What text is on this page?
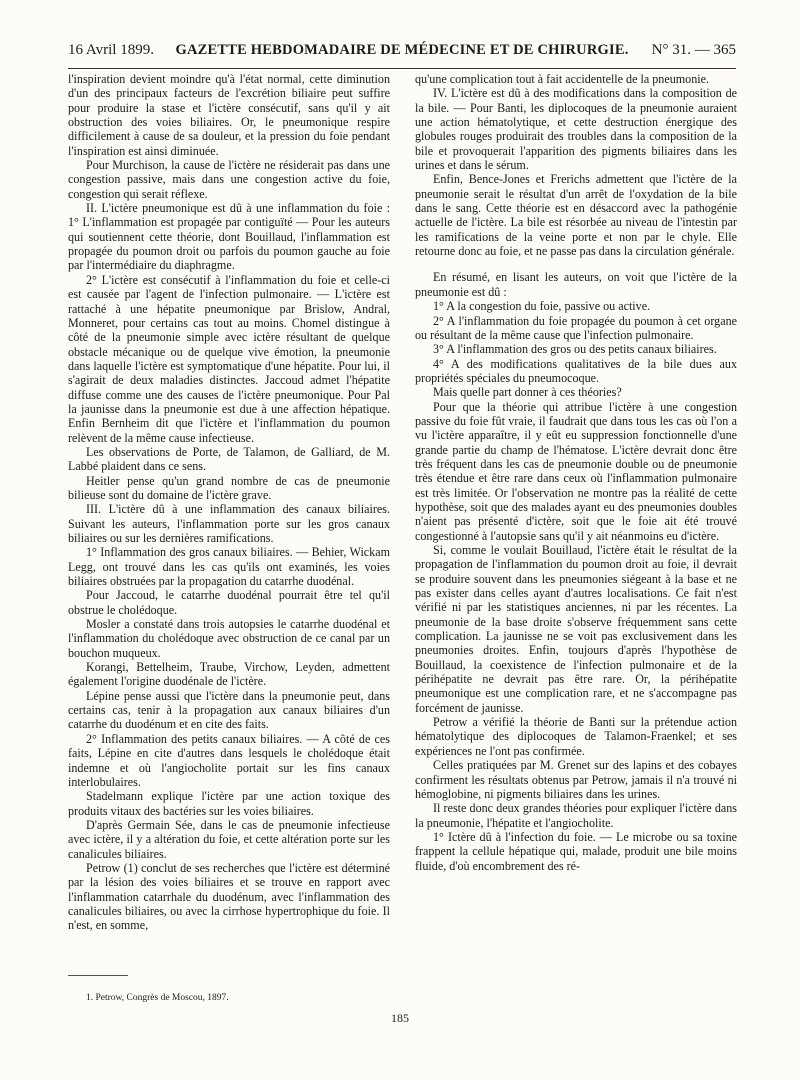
16 Avril 1899.	GAZETTE HEBDOMADAIRE DE MÉDECINE ET DE CHIRURGIE.	N° 31. — 365

l'inspiration devient moindre qu'à l'état normal, cette diminution d'un des principaux facteurs de l'excrétion biliaire peut suffire pour produire la stase et l'ictère consécutif, sans qu'il y ait obstruction des voies biliaires. Or, le pneumonique respire difficilement à cause de sa douleur, et la pression du foie pendant l'inspiration est ainsi diminuée.

Pour Murchison, la cause de l'ictère ne résiderait pas dans une congestion passive, mais dans une congestion active du foie, congestion qui serait réflexe.

II. L'ictère pneumonique est dû à une inflammation du foie : 1° L'inflammation est propagée par contiguïté — Pour les auteurs qui soutiennent cette théorie, dont Bouillaud, l'inflammation est propagée du poumon droit ou parfois du poumon gauche au foie par l'intermédiaire du diaphragme.

2° L'ictère est consécutif à l'inflammation du foie et celle-ci est causée par l'agent de l'infection pulmonaire. — L'ictère est rattaché à une hépatite pneumonique par Brislow, Andral, Monneret, pour certains cas tout au moins. Chomel distingue à côté de la pneumonie simple avec ictère résultant de quelque obstacle mécanique ou de quelque vive émotion, la pneumonie dans laquelle l'ictère est symptomatique d'une hépatite. Pour lui, il s'agirait de deux maladies distinctes. Jaccoud admet l'hépatite diffuse comme une des causes de l'ictère pneumonique. Pour Pal la jaunisse dans la pneumonie est due à une affection hépatique. Enfin Bernheim dit que l'ictère et l'inflammation du poumon relèvent de la même cause infectieuse.

Les observations de Porte, de Talamon, de Galliard, de M. Labbé plaident dans ce sens.

Heitler pense qu'un grand nombre de cas de pneumonie bilieuse sont du domaine de l'ictère grave.

III. L'ictère dû à une inflammation des canaux biliaires. Suivant les auteurs, l'inflammation porte sur les gros canaux biliaires ou sur les dernières ramifications.

1° Inflammation des gros canaux biliaires. — Behier, Wickam Legg, ont trouvé dans les cas qu'ils ont examinés, les voies biliaires obstruées par la propagation du catarrhe duodénal.

Pour Jaccoud, le catarrhe duodénal pourrait être tel qu'il obstrue le cholédoque.

Mosler a constaté dans trois autopsies le catarrhe duodénal et l'inflammation du cholédoque avec obstruction de ce canal par un bouchon muqueux.

Korangi, Bettelheim, Traube, Virchow, Leyden, admettent également l'origine duodénale de l'ictère.

Lépine pense aussi que l'ictère dans la pneumonie peut, dans certains cas, tenir à la propagation aux canaux biliaires d'un catarrhe du duodénum et en cite des faits.

2° Inflammation des petits canaux biliaires. — A côté de ces faits, Lépine en cite d'autres dans lesquels le cholédoque était indemne et où l'angiocholite portait sur les fins canaux interlobulaires.

Stadelmann explique l'ictère par une action toxique des produits vitaux des bactéries sur les voies biliaires.

D'après Germain Sée, dans le cas de pneumonie infectieuse avec ictère, il y a altération du foie, et cette altération porte sur les canalicules biliaires.

Petrow (1) conclut de ses recherches que l'ictère est déterminé par la lésion des voies biliaires et se trouve en rapport avec l'inflammation catarrhale du duodénum, avec l'inflammation des canalicules biliaires, ou avec la cirrhose hypertrophique du foie. Il n'est, en somme,

qu'une complication tout à fait accidentelle de la pneumonie.

IV. L'ictère est dû à des modifications dans la composition de la bile. — Pour Banti, les diplocoques de la pneumonie auraient une action hématolytique, et cette destruction énergique des globules rouges produirait des troubles dans la composition de la bile et provoquerait l'apparition des pigments biliaires dans les urines et dans le sérum.

Enfin, Bence-Jones et Frerichs admettent que l'ictère de la pneumonie serait le résultat d'un arrêt de l'oxydation de la bile dans le sang. Cette théorie est en désaccord avec la pathogénie actuelle de l'ictère. La bile est résorbée au niveau de l'intestin par les ramifications de la veine porte et non par le chyle. Elle retourne donc au foie, et ne passe pas dans la circulation générale.

En résumé, en lisant les auteurs, on voit que l'ictère de la pneumonie est dû :

1° A la congestion du foie, passive ou active.

2° A l'inflammation du foie propagée du poumon à cet organe ou résultant de la même cause que l'infection pulmonaire.

3° A l'inflammation des gros ou des petits canaux biliaires.

4° A des modifications qualitatives de la bile dues aux propriétés spéciales du pneumocoque.

Mais quelle part donner à ces théories?

Pour que la théorie qui attribue l'ictère à une congestion passive du foie fût vraie, il faudrait que dans tous les cas où l'on a vu l'ictère apparaître, il y eût eu suppression fonctionnelle d'une grande partie du champ de l'hématose. L'ictère devrait donc être très fréquent dans les cas de pneumonie double ou de pneumonie très étendue et être rare dans ceux où l'inflammation pulmonaire est très limitée. Or l'observation ne montre pas la réalité de cette hypothèse, soit que des malades ayant eu des pneumonies doubles n'aient pas présenté d'ictère, soit que le foie ait été trouvé congestionné à l'autopsie sans qu'il y ait néanmoins eu d'ictère.

Si, comme le voulait Bouillaud, l'ictère était le résultat de la propagation de l'inflammation du poumon droit au foie, il devrait se produire souvent dans les pneumonies siégeant à la base et ne pas exister dans celles ayant d'autres localisations. Ce fait n'est vérifié ni par les statistiques anciennes, ni par les récentes. La pneumonie de la base droite s'observe fréquemment sans cette complication. La jaunisse ne se voit pas exclusivement dans les pneumonies droites. Enfin, toujours d'après l'hypothèse de Bouillaud, la coexistence de l'infection pulmonaire et de la périhépatite ne devrait pas être rare. Or, la périhépatite pneumonique est une complication rare, et ne s'accompagne pas forcément de jaunisse.

Petrow a vérifié la théorie de Banti sur la prétendue action hématolytique des diplocoques de Talamon-Fraenkel; et ses expériences ne l'ont pas confirmée.

Celles pratiquées par M. Grenet sur des lapins et des cobayes confirment les résultats obtenus par Petrow, jamais il n'a trouvé ni hémoglobine, ni pigments biliaires dans les urines.

Il reste donc deux grandes théories pour expliquer l'ictère dans la pneumonie, l'hépatite et l'angiocholite.

1° Ictère dû à l'infection du foie. — Le microbe ou sa toxine frappent la cellule hépatique qui, malade, produit une bile moins fluide, d'où encombrement des ré-

1. Petrow, Congrès de Moscou, 1897.
185
